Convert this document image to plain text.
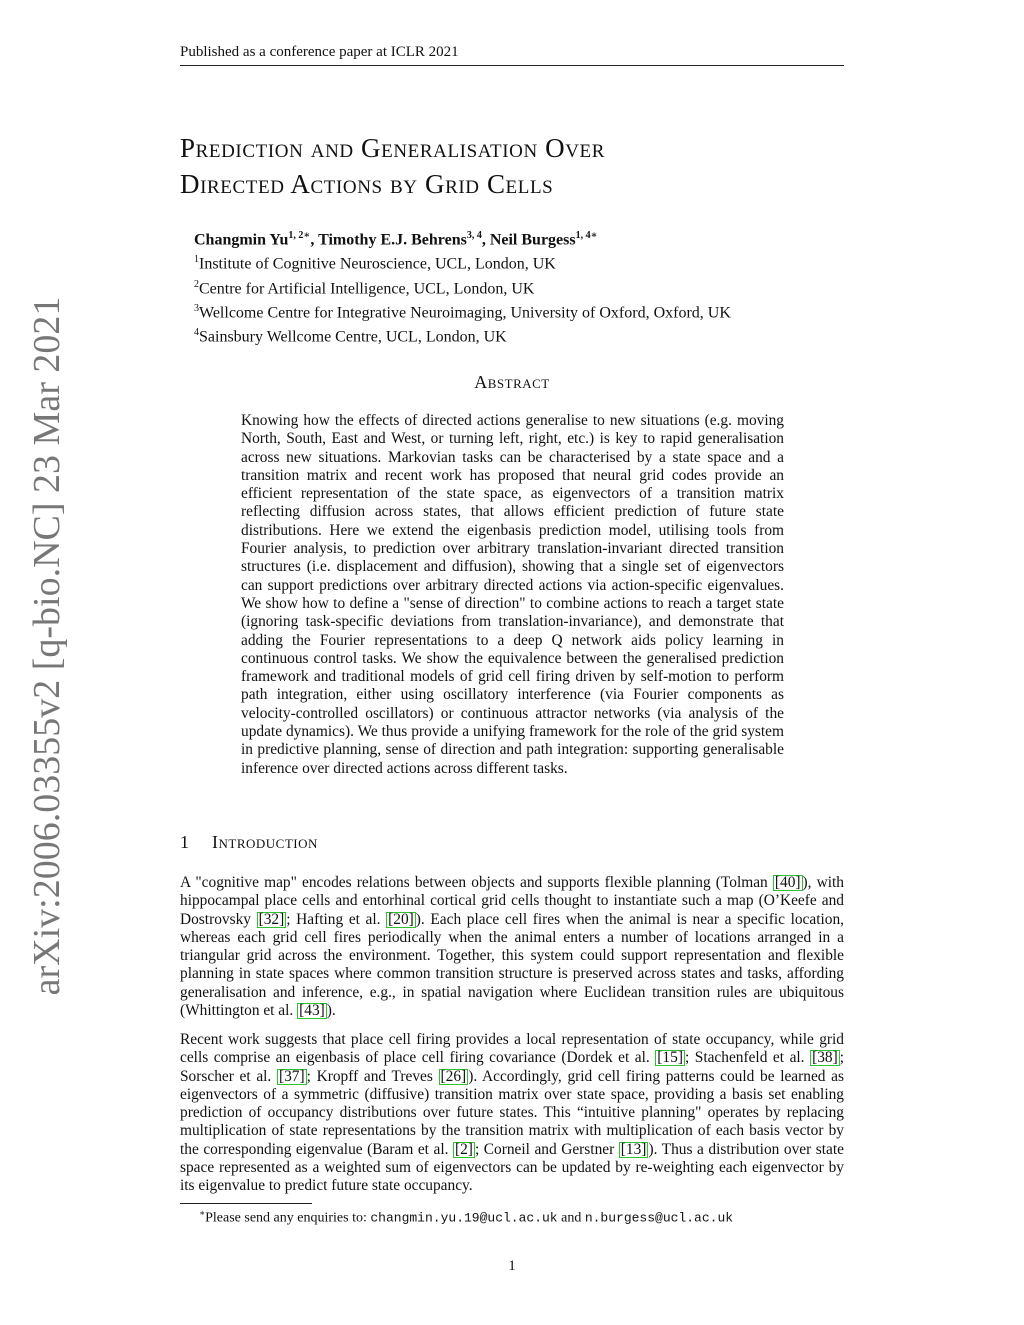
Published as a conference paper at ICLR 2021
arXiv:2006.03355v2 [q-bio.NC] 23 Mar 2021
Prediction and Generalisation Over
Directed Actions by Grid Cells
Changmin $Yu^{1, 2∗}$, Timothy E.J. Behrens$^{3, 4}$, Neil Burgess$^{1, 4∗}$
$^1$Institute of Cognitive Neuroscience, UCL, London, UK
$^2$Centre for Artificial Intelligence, UCL, London, UK
$^3$Wellcome Centre for Integrative Neuroimaging, University of Oxford, Oxford, UK
$^4$Sainsbury Wellcome Centre, UCL, London, UK
Abstract
Knowing how the effects of directed actions generalise to new situations (e.g. moving North, South, East and West, or turning left, right, etc.) is key to rapid generalisation across new situations. Markovian tasks can be characterised by a state space and a transition matrix and recent work has proposed that neural grid codes provide an efficient representation of the state space, as eigenvectors of a transition matrix reflecting diffusion across states, that allows efficient prediction of future state distributions. Here we extend the eigenbasis prediction model, utilising tools from Fourier analysis, to prediction over arbitrary translation-invariant directed transition structures (i.e. displacement and diffusion), showing that a single set of eigenvectors can support predictions over arbitrary directed actions via action-specific eigenvalues. We show how to define a "sense of direction" to combine actions to reach a target state (ignoring task-specific deviations from translation-invariance), and demonstrate that adding the Fourier representations to a deep Q network aids policy learning in continuous control tasks. We show the equivalence between the generalised prediction framework and traditional models of grid cell firing driven by self-motion to perform path integration, either using oscillatory interference (via Fourier components as velocity-controlled oscillators) or continuous attractor networks (via analysis of the update dynamics). We thus provide a unifying framework for the role of the grid system in predictive planning, sense of direction and path integration: supporting generalisable inference over directed actions across different tasks.
1 Introduction
A "cognitive map" encodes relations between objects and supports flexible planning (Tolman [40] ), with hippocampal place cells and entorhinal cortical grid cells thought to instantiate such a map (O’Keefe and Dostrovsky [32] ; Hafting et al. [20] ). Each place cell fires when the animal is near a specific location, whereas each grid cell fires periodically when the animal enters a number of locations arranged in a triangular grid across the environment. Together, this system could support representation and flexible planning in state spaces where common transition structure is preserved across states and tasks, affording generalisation and inference, e.g., in spatial navigation where Euclidean transition rules are ubiquitous (Whittington et al. [43] ).
Recent work suggests that place cell firing provides a local representation of state occupancy, while grid cells comprise an eigenbasis of place cell firing covariance (Dordek et al. [15] ; Stachenfeld et al. [38] ; Sorscher et al. [37] ; Kropff and Treves [26] ). Accordingly, grid cell firing patterns could be learned as eigenvectors of a symmetric (diffusive) transition matrix over state space, providing a basis set enabling prediction of occupancy distributions over future states. This “intuitive planning" operates by replacing multiplication of state representations by the transition matrix with multiplication of each basis vector by the corresponding eigenvalue (Baram et al. [2] ; Corneil and Gerstner [13] ). Thus a distribution over state space represented as a weighted sum of eigenvectors can be updated by re-weighting each eigenvector by its eigenvalue to predict future state occupancy.
∗Please send any enquiries to: changmin.yu.19@ucl.ac.uk and n.burgess@ucl.ac.uk
1
